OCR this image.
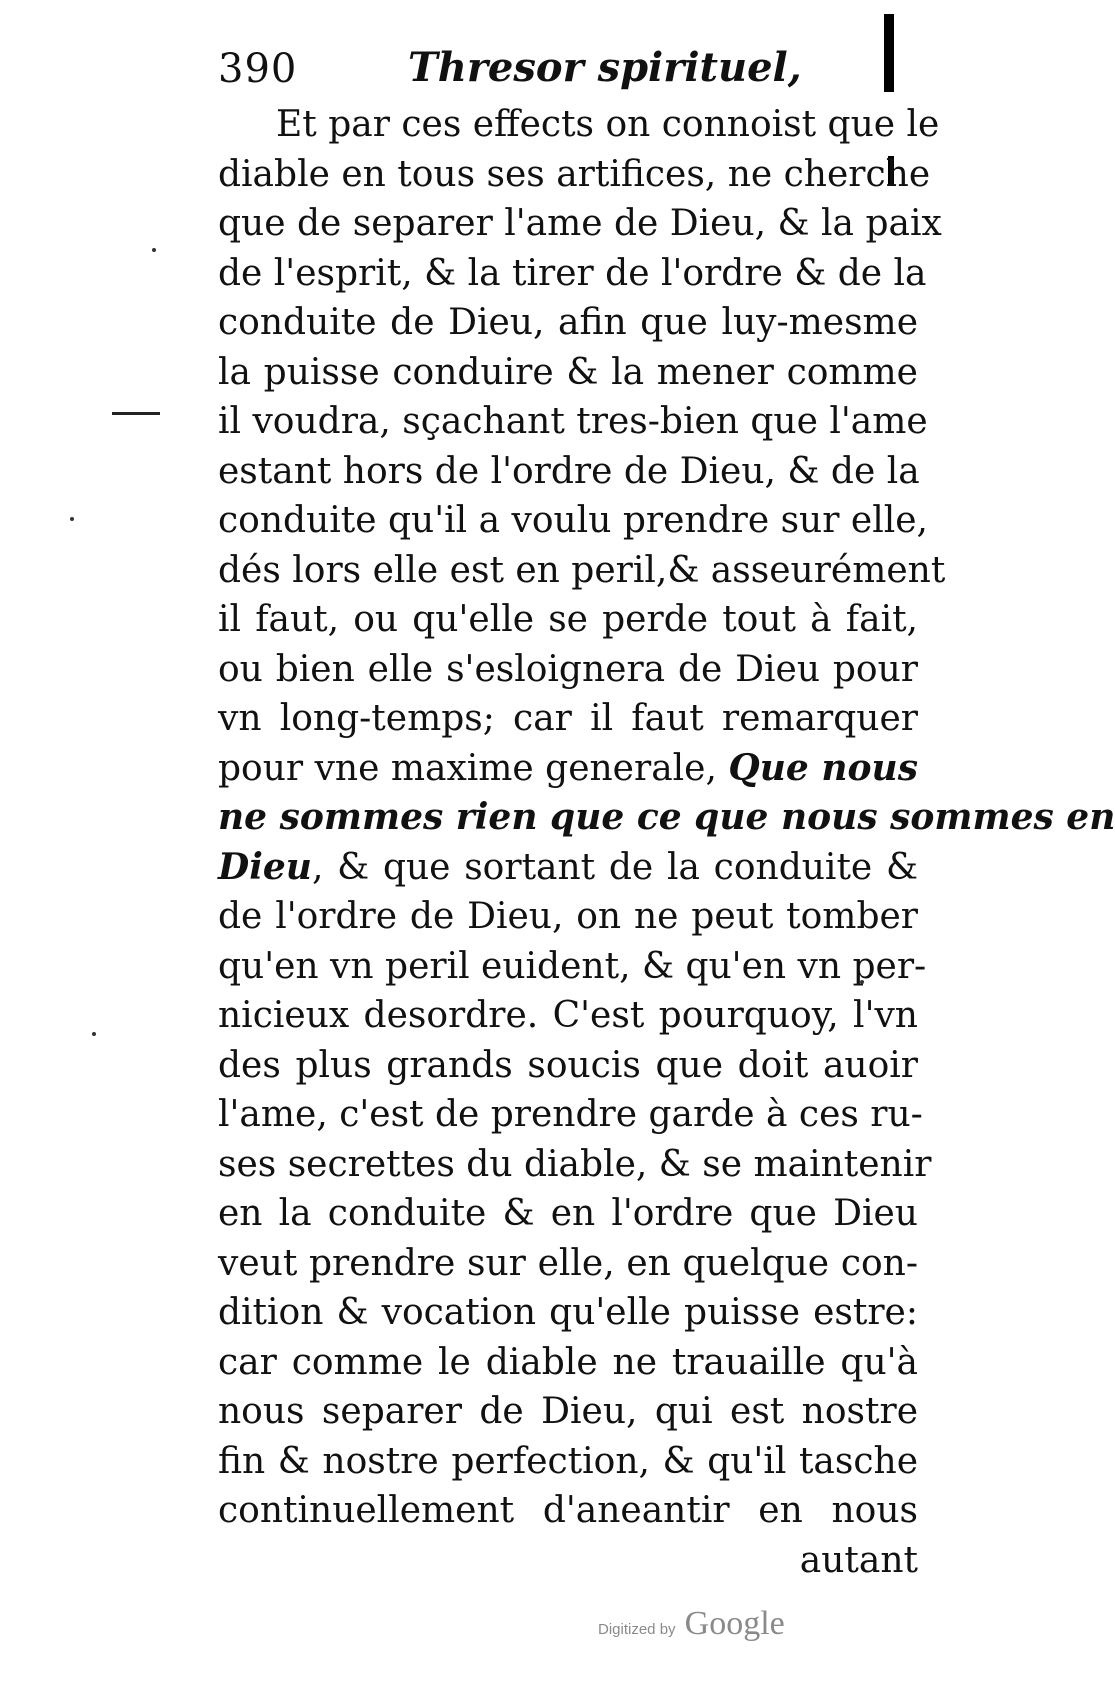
390	Thresor spirituel,
Et par ces effects on connoist que le
diable en tous ses artifices, ne cherche
que de separer l'ame de Dieu, & la paix
de l'esprit, & la tirer de l'ordre & de la
conduite de Dieu, afin que luy-mesme
la puisse conduire & la mener comme
il voudra, sçachant tres-bien que l'ame
estant hors de l'ordre de Dieu, & de la
conduite qu'il a voulu prendre sur elle,
dés lors elle est en peril,& asseurément
il faut, ou qu'elle se perde tout à fait,
ou bien elle s'esloignera de Dieu pour
vn long-temps; car il faut remarquer
pour vne maxime generale, Que nous
ne sommes rien que ce que nous sommes en
Dieu, & que sortant de la conduite &
de l'ordre de Dieu, on ne peut tomber
qu'en vn peril euident, & qu'en vn per-
nicieux desordre. C'est pourquoy, l'vn
des plus grands soucis que doit auoir
l'ame, c'est de prendre garde à ces ru-
ses secrettes du diable, & se maintenir
en la conduite & en l'ordre que Dieu
veut prendre sur elle, en quelque con-
dition & vocation qu'elle puisse estre:
car comme le diable ne trauaille qu'à
nous separer de Dieu, qui est nostre
fin & nostre perfection, & qu'il tasche
continuellement d'aneantir en nous
autant
Digitized by Google
